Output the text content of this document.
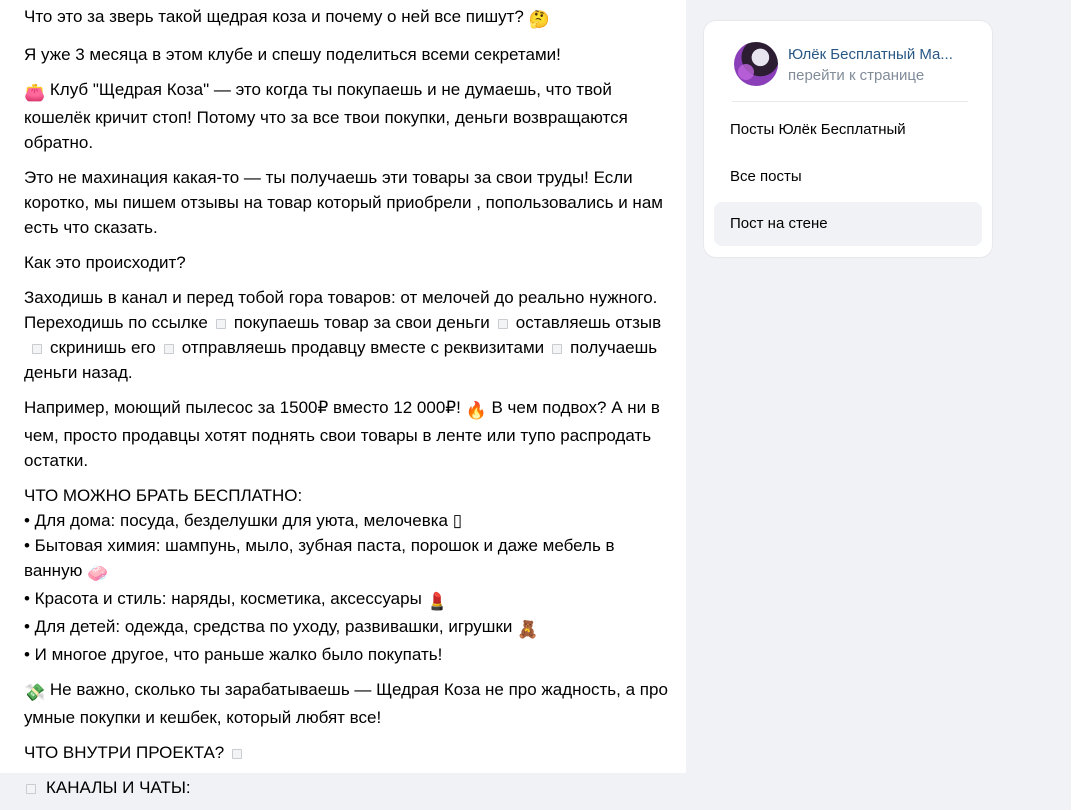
Что это за зверь такой щедрая коза и почему о ней все пишут? 🤔

Я уже 3 месяца в этом клубе и спешу поделиться всеми секретами!

👛 Клуб "Щедрая Коза" — это когда ты покупаешь и не думаешь, что твой кошелёк кричит стоп! Потому что за все твои покупки, деньги возвращаются обратно.

Это не махинация какая-то — ты получаешь эти товары за свои труды! Если коротко, мы пишем отзывы на товар который приобрели , попользовались и нам есть что сказать.

Как это происходит?

Заходишь в канал и перед тобой гора товаров: от мелочей до реально нужного. Переходишь по ссылке покупаешь товар за свои деньги оставляешь отзывскринишь его отправляешь продавцу вместе с реквизитами получаешь деньги назад.

Например, моющий пылесос за 1500₽ вместо 12 000₽! 🔥 В чем подвох? А ни в чем, просто продавцы хотят поднять свои товары в ленте или тупо распродать остатки.

ЧТО МОЖНО БРАТЬ БЕСПЛАТНО:
• Для дома: посуда, безделушки для уюта, мелочевка ▯
• Бытовая химия: шампунь, мыло, зубная паста, порошок и даже мебель в ванную 🧼
• Красота и стиль: наряды, косметика, аксессуары 💄
• Для детей: одежда, средства по уходу, развивашки, игрушки 🧸
• И многое другое, что раньше жалко было покупать!

💸 Не важно, сколько ты зарабатываешь — Щедрая Коза не про жадность, а про умные покупки и кешбек, который любят все!

ЧТО ВНУТРИ ПРОЕКТА?

КАНАЛЫ И ЧАТЫ:

Юлёк Бесплатный Ма...
перейти к странице
Посты Юлёк Бесплатный
Все посты
Пост на стене
